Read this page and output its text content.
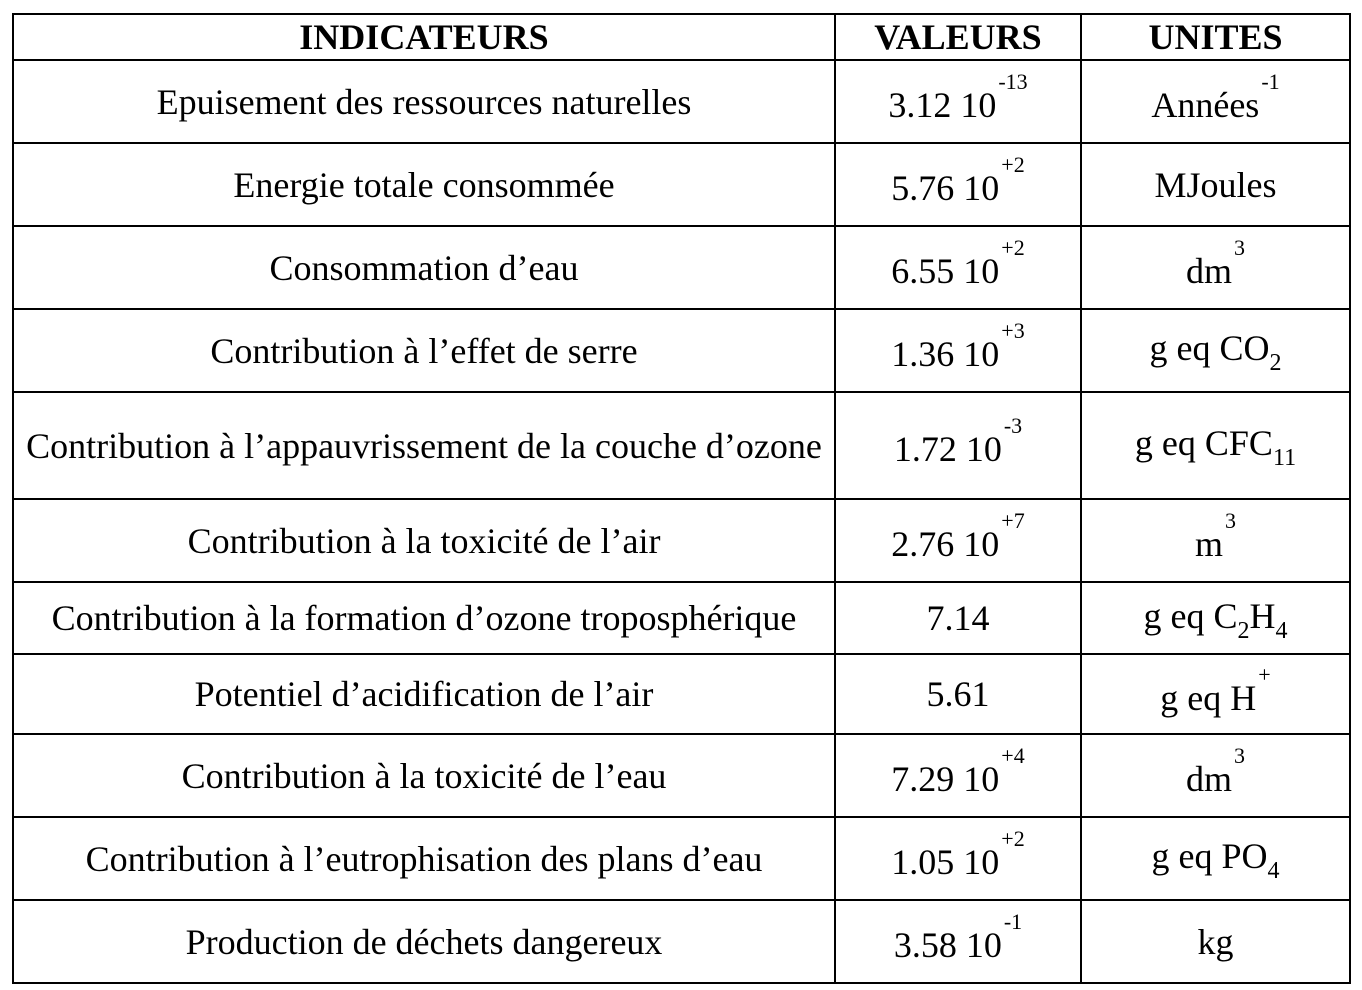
INDICATEURS	VALEURS	UNITES
Epuisement des ressources naturelles	3.12 $10^{-13}$	Années$^{-1}$
Energie totale consommée	5.76 $10^{+2}$	MJoules
Consommation d’eau	6.55 $10^{+2}$	$dm^3$
Contribution à l’effet de serre	1.36 $10^{+3}$	g eq $CO_2$
Contribution à l’appauvrissement de la couche d’ozone	1.72 $10^{-3}$	g eq $CFC_{11}$
Contribution à la toxicité de l’air	2.76 $10^{+7}$	$m^3$
Contribution à la formation d’ozone troposphérique	7.14	g eq $C_2H_4$
Potentiel d’acidification de l’air	5.61	g eq H+
Contribution à la toxicité de l’eau	7.29 $10^{+4}$	$dm^3$
Contribution à l’eutrophisation des plans d’eau	1.05 $10^{+2}$	g eq $PO_4$
Production de déchets dangereux	3.58 $10^{-1}$	kg
